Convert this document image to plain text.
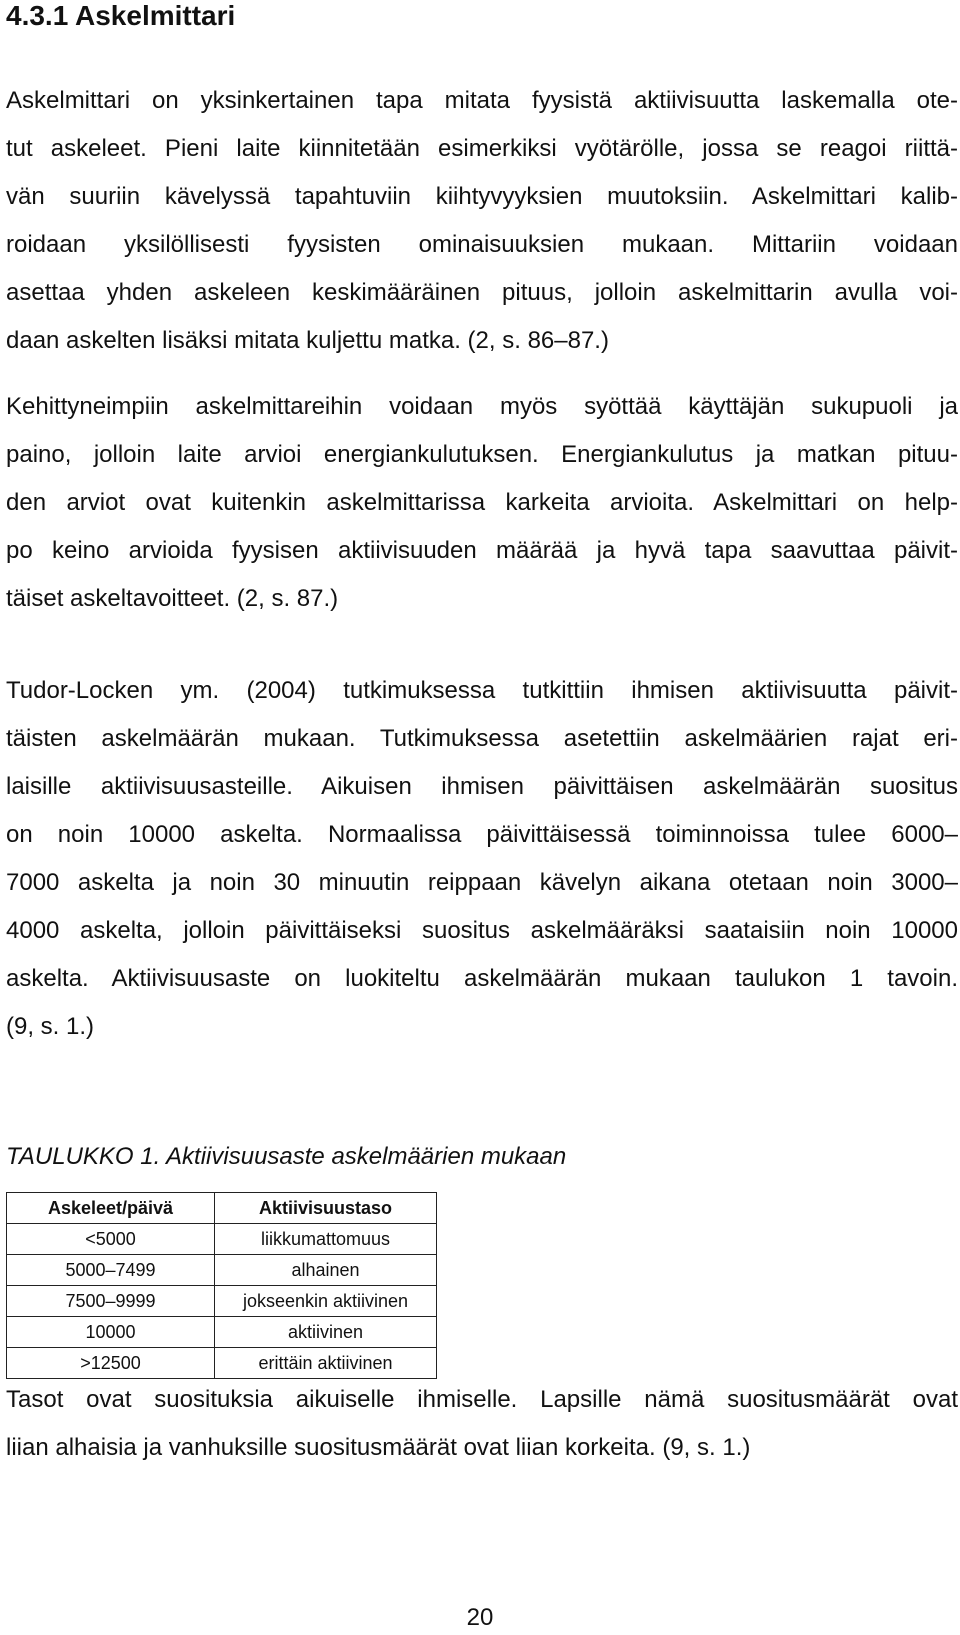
4.3.1 Askelmittari
Askelmittari on yksinkertainen tapa mitata fyysistä aktiivisuutta laskemalla ote-
tut askeleet. Pieni laite kiinnitetään esimerkiksi vyötärölle, jossa se reagoi riittä-
vän suuriin kävelyssä tapahtuviin kiihtyvyyksien muutoksiin. Askelmittari kalib-
roidaan yksilöllisesti fyysisten ominaisuuksien mukaan. Mittariin voidaan
asettaa yhden askeleen keskimääräinen pituus, jolloin askelmittarin avulla voi-
daan askelten lisäksi mitata kuljettu matka. (2, s. 86–87.)
Kehittyneimpiin askelmittareihin voidaan myös syöttää käyttäjän sukupuoli ja
paino, jolloin laite arvioi energiankulutuksen. Energiankulutus ja matkan pituu-
den arviot ovat kuitenkin askelmittarissa karkeita arvioita. Askelmittari on help-
po keino arvioida fyysisen aktiivisuuden määrää ja hyvä tapa saavuttaa päivit-
täiset askeltavoitteet. (2, s. 87.)
Tudor-Locken ym. (2004) tutkimuksessa tutkittiin ihmisen aktiivisuutta päivit-
täisten askelmäärän mukaan. Tutkimuksessa asetettiin askelmäärien rajat eri-
laisille aktiivisuusasteille. Aikuisen ihmisen päivittäisen askelmäärän suositus
on noin 10000 askelta. Normaalissa päivittäisessä toiminnoissa tulee 6000–
7000 askelta ja noin 30 minuutin reippaan kävelyn aikana otetaan noin 3000–
4000 askelta, jolloin päivittäiseksi suositus askelmääräksi saataisiin noin 10000
askelta. Aktiivisuusaste on luokiteltu askelmäärän mukaan taulukon 1 tavoin.
(9, s. 1.)
TAULUKKO 1. Aktiivisuusaste askelmäärien mukaan
Askeleet/päivä	Aktiivisuustaso
<5000	liikkumattomuus
5000–7499	alhainen
7500–9999	jokseenkin aktiivinen
10000	aktiivinen
>12500	erittäin aktiivinen
Tasot ovat suosituksia aikuiselle ihmiselle. Lapsille nämä suositusmäärät ovat
liian alhaisia ja vanhuksille suositusmäärät ovat liian korkeita. (9, s. 1.)
20
